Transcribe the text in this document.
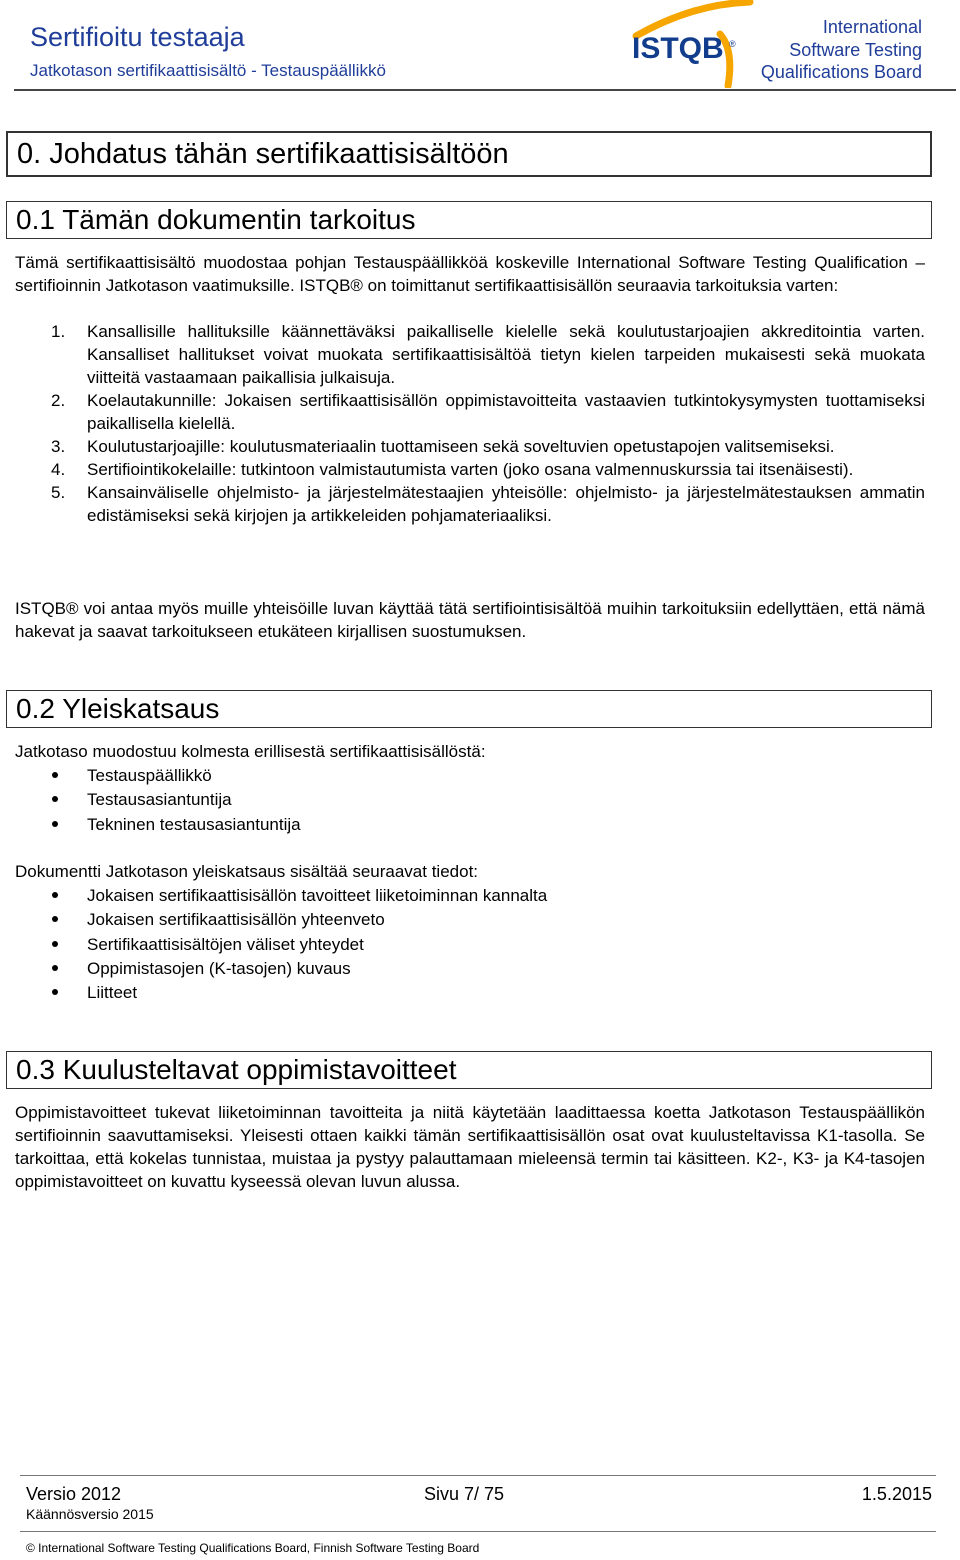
Sertifioitu testaaja
Jatkotason sertifikaattisisältö - Testauspäällikkö
ISTQB ®
International
Software Testing
Qualifications Board
0. Johdatus tähän sertifikaattisisältöön
0.1 Tämän dokumentin tarkoitus
Tämä sertifikaattisisältö muodostaa pohjan Testauspäällikköä koskeville International Software Testing Qualification –sertifioinnin Jatkotason vaatimuksille. ISTQB® on toimittanut sertifikaattisisällön seuraavia tarkoituksia varten:
1. Kansallisille hallituksille käännettäväksi paikalliselle kielelle sekä koulutustarjoajien akkreditointia varten. Kansalliset hallitukset voivat muokata sertifikaattisisältöä tietyn kielen tarpeiden mukaisesti sekä muokata viitteitä vastaamaan paikallisia julkaisuja.
2. Koelautakunnille: Jokaisen sertifikaattisisällön oppimistavoitteita vastaavien tutkintokysymysten tuottamiseksi paikallisella kielellä.
3. Koulutustarjoajille: koulutusmateriaalin tuottamiseen sekä soveltuvien opetustapojen valitsemiseksi.
4. Sertifiointikokelaille: tutkintoon valmistautumista varten (joko osana valmennuskurssia tai itsenäisesti).
5. Kansainväliselle ohjelmisto- ja järjestelmätestaajien yhteisölle: ohjelmisto- ja järjestelmätestauksen ammatin edistämiseksi sekä kirjojen ja artikkeleiden pohjamateriaaliksi.
ISTQB® voi antaa myös muille yhteisöille luvan käyttää tätä sertifiointisisältöä muihin tarkoituksiin edellyttäen, että nämä hakevat ja saavat tarkoitukseen etukäteen kirjallisen suostumuksen.
0.2 Yleiskatsaus
Jatkotaso muodostuu kolmesta erillisestä sertifikaattisisällöstä:
Testauspäällikkö
Testausasiantuntija
Tekninen testausasiantuntija
Dokumentti Jatkotason yleiskatsaus sisältää seuraavat tiedot:
Jokaisen sertifikaattisisällön tavoitteet liiketoiminnan kannalta
Jokaisen sertifikaattisisällön yhteenveto
Sertifikaattisisältöjen väliset yhteydet
Oppimistasojen (K-tasojen) kuvaus
Liitteet
0.3 Kuulusteltavat oppimistavoitteet
Oppimistavoitteet tukevat liiketoiminnan tavoitteita ja niitä käytetään laadittaessa koetta Jatkotason Testauspäällikön sertifioinnin saavuttamiseksi. Yleisesti ottaen kaikki tämän sertifikaattisisällön osat ovat kuulusteltavissa K1-tasolla. Se tarkoittaa, että kokelas tunnistaa, muistaa ja pystyy palauttamaan mieleensä termin tai käsitteen. K2-, K3- ja K4-tasojen oppimistavoitteet on kuvattu kyseessä olevan luvun alussa.
Versio 2012
Käännösversio 2015
Sivu 7/ 75	1.5.2015
© International Software Testing Qualifications Board, Finnish Software Testing Board
